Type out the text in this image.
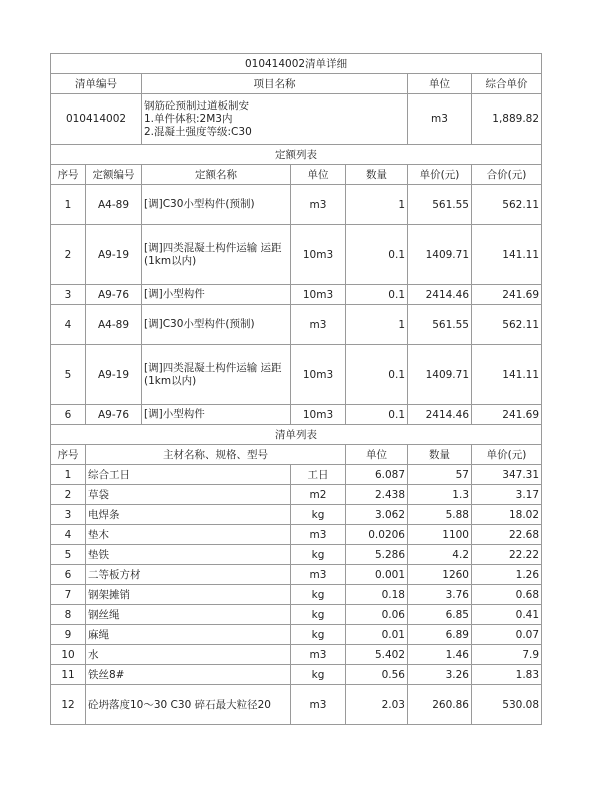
010414002清单详细							
清单编号		项目名称			单位	综合单价	
010414002		钢筋砼预制过道板制安
1.单件体积:2M3内
2.混凝土强度等级:C30			m3	1,889.82	
定额列表							
序号	定额编号	定额名称	单位	数量	单价(元)	合价(元)	
1	A4-89	[调]C30小型构件(预制)	m3	1	561.55	562.11	
2	A9-19	[调]四类混凝土构件运输 运距(1km以内)	10m3	0.1	1409.71	141.11	
3	A9-76	[调]小型构件	10m3	0.1	2414.46	241.69	
4	A4-89	[调]C30小型构件(预制)	m3	1	561.55	562.11	
5	A9-19	[调]四类混凝土构件运输 运距(1km以内)	10m3	0.1	1409.71	141.11	
6	A9-76	[调]小型构件	10m3	0.1	2414.46	241.69	
清单列表							
序号	主材名称、规格、型号			单位	数量	单价(元)	
1	综合工日		工日	6.087	57	347.31	
2	草袋		m2	2.438	1.3	3.17	
3	电焊条		kg	3.062	5.88	18.02	
4	垫木		m3	0.0206	1100	22.68	
5	垫铁		kg	5.286	4.2	22.22	
6	二等板方材		m3	0.001	1260	1.26	
7	钢架摊销		kg	0.18	3.76	0.68	
8	钢丝绳		kg	0.06	6.85	0.41	
9	麻绳		kg	0.01	6.89	0.07	
10	水		m3	5.402	1.46	7.9	
11	铁丝8#		kg	0.56	3.26	1.83	
12	砼坍落度10～30 C30 碎石最大粒径20		m3	2.03	260.86	530.08	
